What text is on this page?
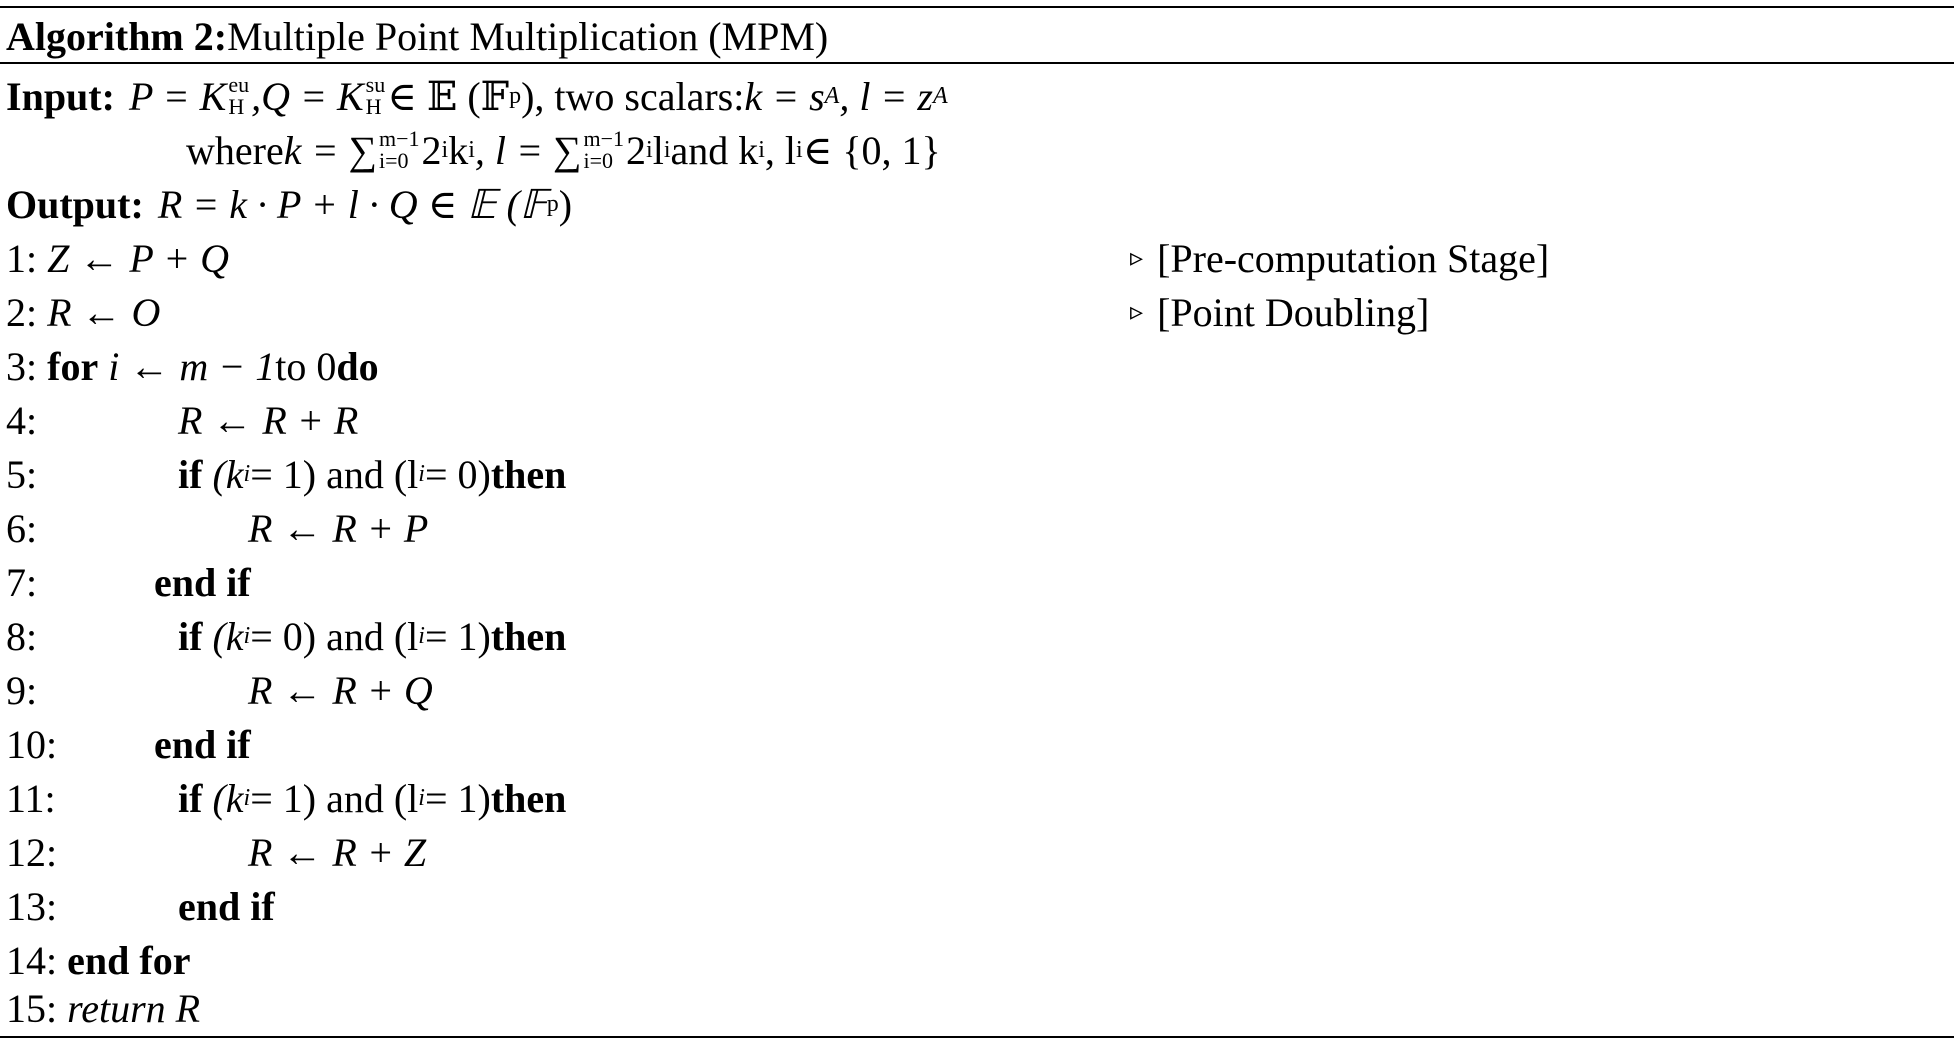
Algorithm 2: Multiple Point Multiplication (MPM)
Input: P = K eu
H ,Q = K su
H ∈ 𝔼 (𝔽 p ), two scalars: k = s A , l = z A
where k = ∑ m−1
i=0 2 i k i , l = ∑ m−1
i=0 2 i l i and k i , l i ∈ {0, 1}
Output: R = k · P + l · Q ∈ 𝔼 (𝔽 p )
1: Z ← P + Q	▹ [Pre-computation Stage]
2: R ← O	▹ [Point Doubling]
3: for i ← m − 1 to 0 do
4:	R ← R + R
5:	if (k i = 1) and (l i = 0) then
6:	R ← R + P
7:	end if
8:	if (k i = 0) and (l i = 1) then
9:	R ← R + Q
10:	end if
11:	if (k i = 1) and (l i = 1) then
12:	R ← R + Z
13:	end if
14: end for
15: return R
